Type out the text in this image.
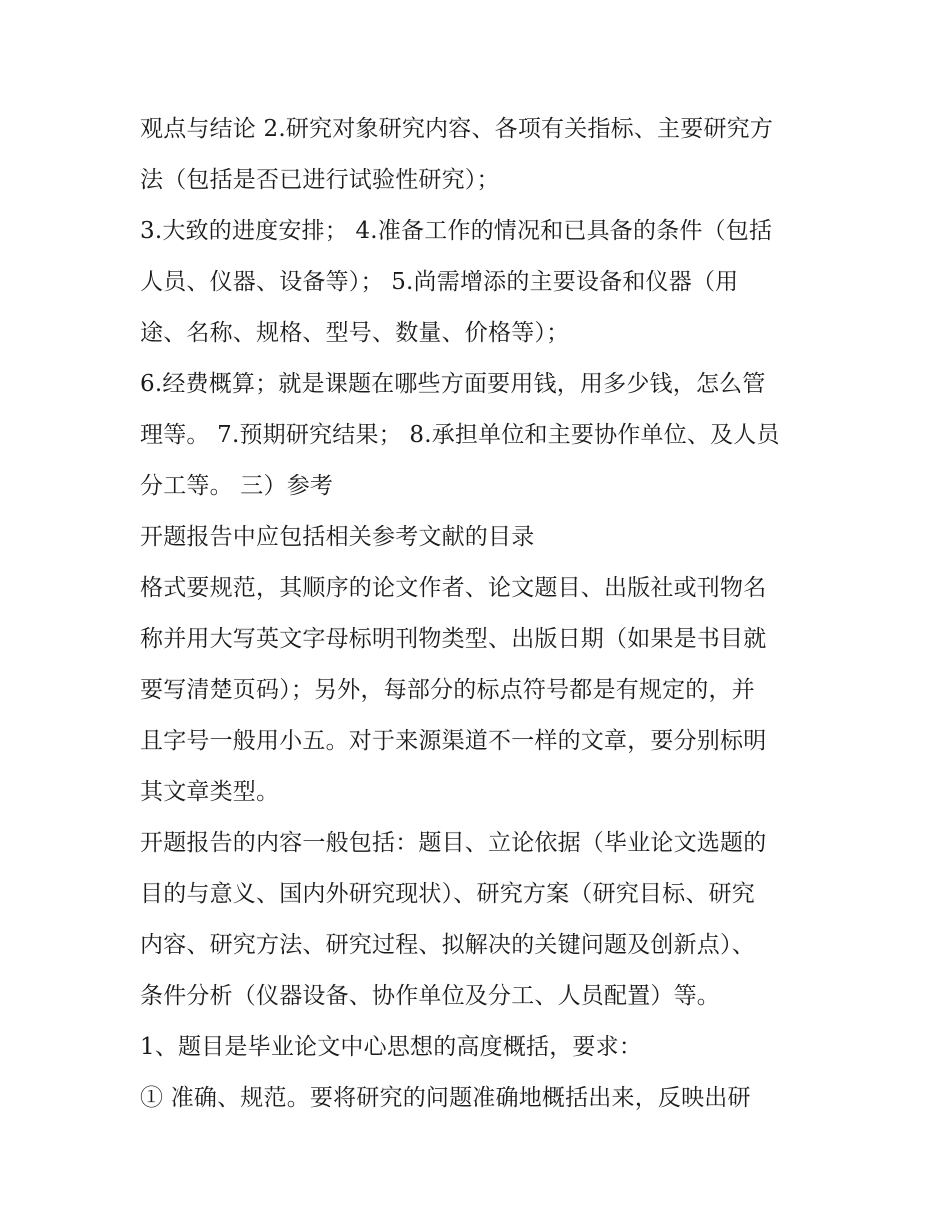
观点与结论 2.研究对象研究内容、各项有关指标、主要研究方
法（包括是否已进行试验性研究）；
3.大致的进度安排； 4.准备工作的情况和已具备的条件（包括
人员、仪器、设备等）； 5.尚需增添的主要设备和仪器（用
途、名称、规格、型号、数量、价格等）；
6.经费概算；就是课题在哪些方面要用钱，用多少钱，怎么管
理等。 7.预期研究结果； 8.承担单位和主要协作单位、及人员
分工等。 三）参考
开题报告中应包括相关参考文献的目录
格式要规范，其顺序的论文作者、论文题目、出版社或刊物名
称并用大写英文字母标明刊物类型、出版日期（如果是书目就
要写清楚页码）；另外，每部分的标点符号都是有规定的，并
且字号一般用小五。对于来源渠道不一样的文章，要分别标明
其文章类型。
开题报告的内容一般包括：题目、立论依据（毕业论文选题的
目的与意义、国内外研究现状）、研究方案（研究目标、研究
内容、研究方法、研究过程、拟解决的关键问题及创新点）、
条件分析（仪器设备、协作单位及分工、人员配置）等。
1、题目是毕业论文中心思想的高度概括，要求：
① 准确、规范。要将研究的问题准确地概括出来，反映出研
